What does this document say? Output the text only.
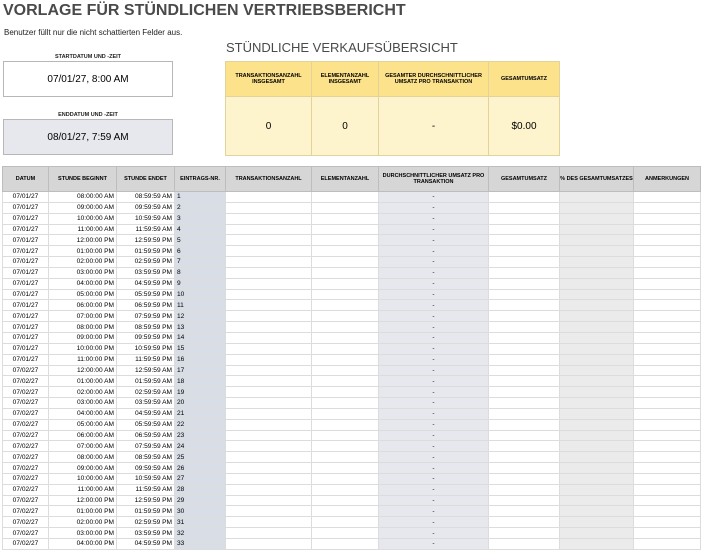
VORLAGE FÜR STÜNDLICHEN VERTRIEBSBERICHT
Benutzer füllt nur die nicht schattierten Felder aus.
STARTDATUM UND -ZEIT
07/01/27, 8:00 AM
ENDDATUM UND -ZEIT
08/01/27, 7:59 AM
STÜNDLICHE VERKAUFSÜBERSICHT
TRANSAKTIONSANZAHL INSGESAMT	ELEMENTANZAHL INSGESAMT	GESAMTER DURCHSCHNITTLICHER UMSATZ PRO TRANSAKTION	GESAMTUMSATZ
0	0	-	$0.00
DATUM	STUNDE BEGINNT	STUNDE ENDET	EINTRAGS-NR.	TRANSAKTIONSANZAHL	ELEMENTANZAHL	DURCHSCHNITTLICHER UMSATZ PRO TRANSAKTION	GESAMTUMSATZ	% DES GESAMTUMSATZES	ANMERKUNGEN
07/01/27	08:00:00 AM	08:59:59 AM	1			-			
07/01/27	09:00:00 AM	09:59:59 AM	2			-			
07/01/27	10:00:00 AM	10:59:59 AM	3			-			
07/01/27	11:00:00 AM	11:59:59 AM	4			-			
07/01/27	12:00:00 PM	12:59:59 PM	5			-			
07/01/27	01:00:00 PM	01:59:59 PM	6			-			
07/01/27	02:00:00 PM	02:59:59 PM	7			-			
07/01/27	03:00:00 PM	03:59:59 PM	8			-			
07/01/27	04:00:00 PM	04:59:59 PM	9			-			
07/01/27	05:00:00 PM	05:59:59 PM	10			-			
07/01/27	06:00:00 PM	06:59:59 PM	11			-			
07/01/27	07:00:00 PM	07:59:59 PM	12			-			
07/01/27	08:00:00 PM	08:59:59 PM	13			-			
07/01/27	09:00:00 PM	09:59:59 PM	14			-			
07/01/27	10:00:00 PM	10:59:59 PM	15			-			
07/01/27	11:00:00 PM	11:59:59 PM	16			-			
07/02/27	12:00:00 AM	12:59:59 AM	17			-			
07/02/27	01:00:00 AM	01:59:59 AM	18			-			
07/02/27	02:00:00 AM	02:59:59 AM	19			-			
07/02/27	03:00:00 AM	03:59:59 AM	20			-			
07/02/27	04:00:00 AM	04:59:59 AM	21			-			
07/02/27	05:00:00 AM	05:59:59 AM	22			-			
07/02/27	06:00:00 AM	06:59:59 AM	23			-			
07/02/27	07:00:00 AM	07:59:59 AM	24			-			
07/02/27	08:00:00 AM	08:59:59 AM	25			-			
07/02/27	09:00:00 AM	09:59:59 AM	26			-			
07/02/27	10:00:00 AM	10:59:59 AM	27			-			
07/02/27	11:00:00 AM	11:59:59 AM	28			-			
07/02/27	12:00:00 PM	12:59:59 PM	29			-			
07/02/27	01:00:00 PM	01:59:59 PM	30			-			
07/02/27	02:00:00 PM	02:59:59 PM	31			-			
07/02/27	03:00:00 PM	03:59:59 PM	32			-			
07/02/27	04:00:00 PM	04:59:59 PM	33			-			
